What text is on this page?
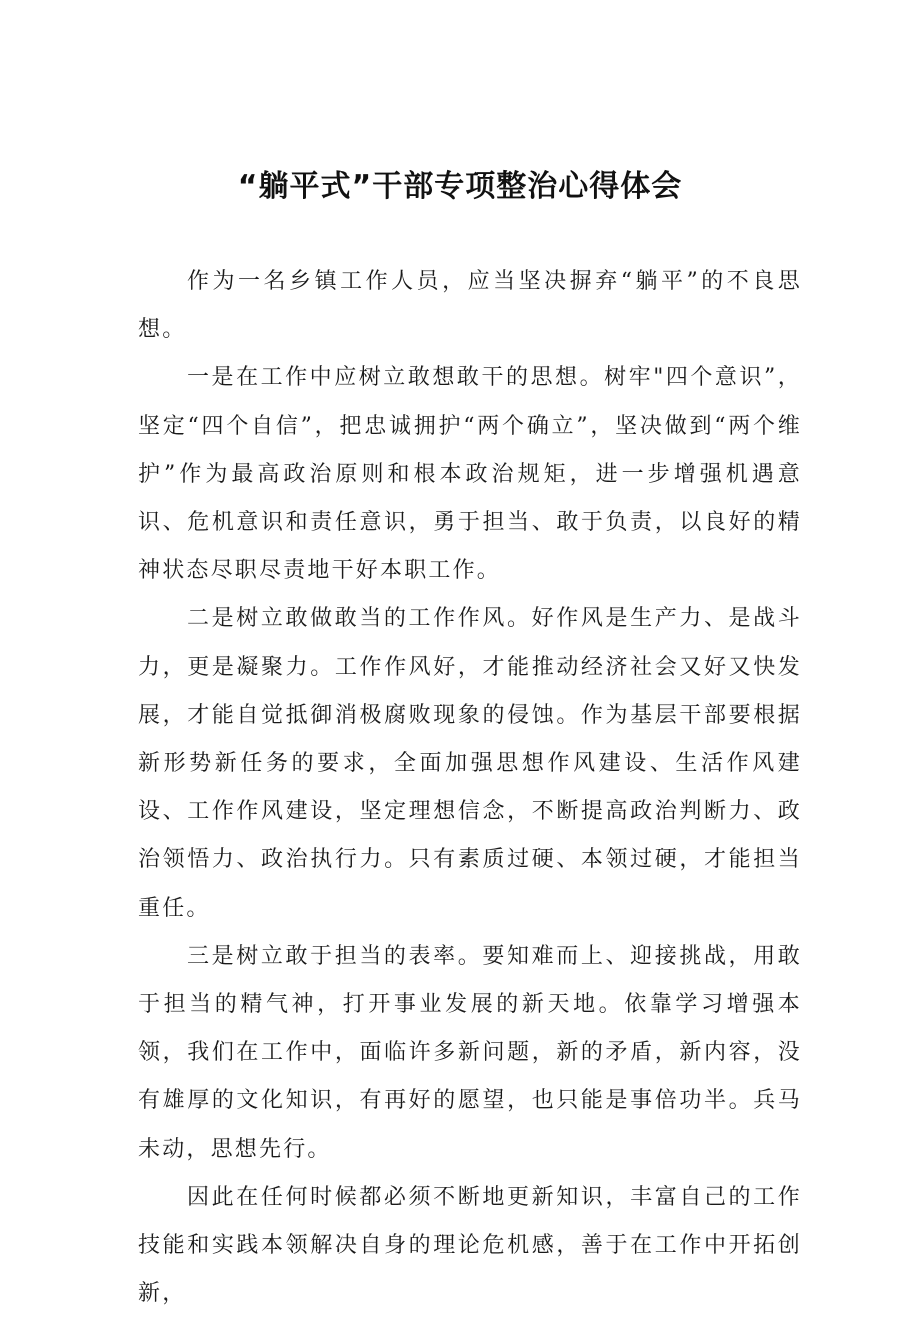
“躺平式”干部专项整治心得体会

作为一名乡镇工作人员，应当坚决摒弃“躺平”的不良思想。

一是在工作中应树立敢想敢干的思想。树牢"四个意识”，坚定“四个自信”，把忠诚拥护“两个确立”，坚决做到“两个维护”作为最高政治原则和根本政治规矩，进一步增强机遇意识、危机意识和责任意识，勇于担当、敢于负责，以良好的精神状态尽职尽责地干好本职工作。

二是树立敢做敢当的工作作风。好作风是生产力、是战斗力，更是凝聚力。工作作风好，才能推动经济社会又好又快发展，才能自觉抵御消极腐败现象的侵蚀。作为基层干部要根据新形势新任务的要求，全面加强思想作风建设、生活作风建设、工作作风建设，坚定理想信念，不断提高政治判断力、政治领悟力、政治执行力。只有素质过硬、本领过硬，才能担当重任。

三是树立敢于担当的表率。要知难而上、迎接挑战，用敢于担当的精气神，打开事业发展的新天地。依靠学习增强本领，我们在工作中，面临许多新问题，新的矛盾，新内容，没有雄厚的文化知识，有再好的愿望，也只能是事倍功半。兵马未动，思想先行。

因此在任何时候都必须不断地更新知识，丰富自己的工作技能和实践本领解决自身的理论危机感，善于在工作中开拓创新，
